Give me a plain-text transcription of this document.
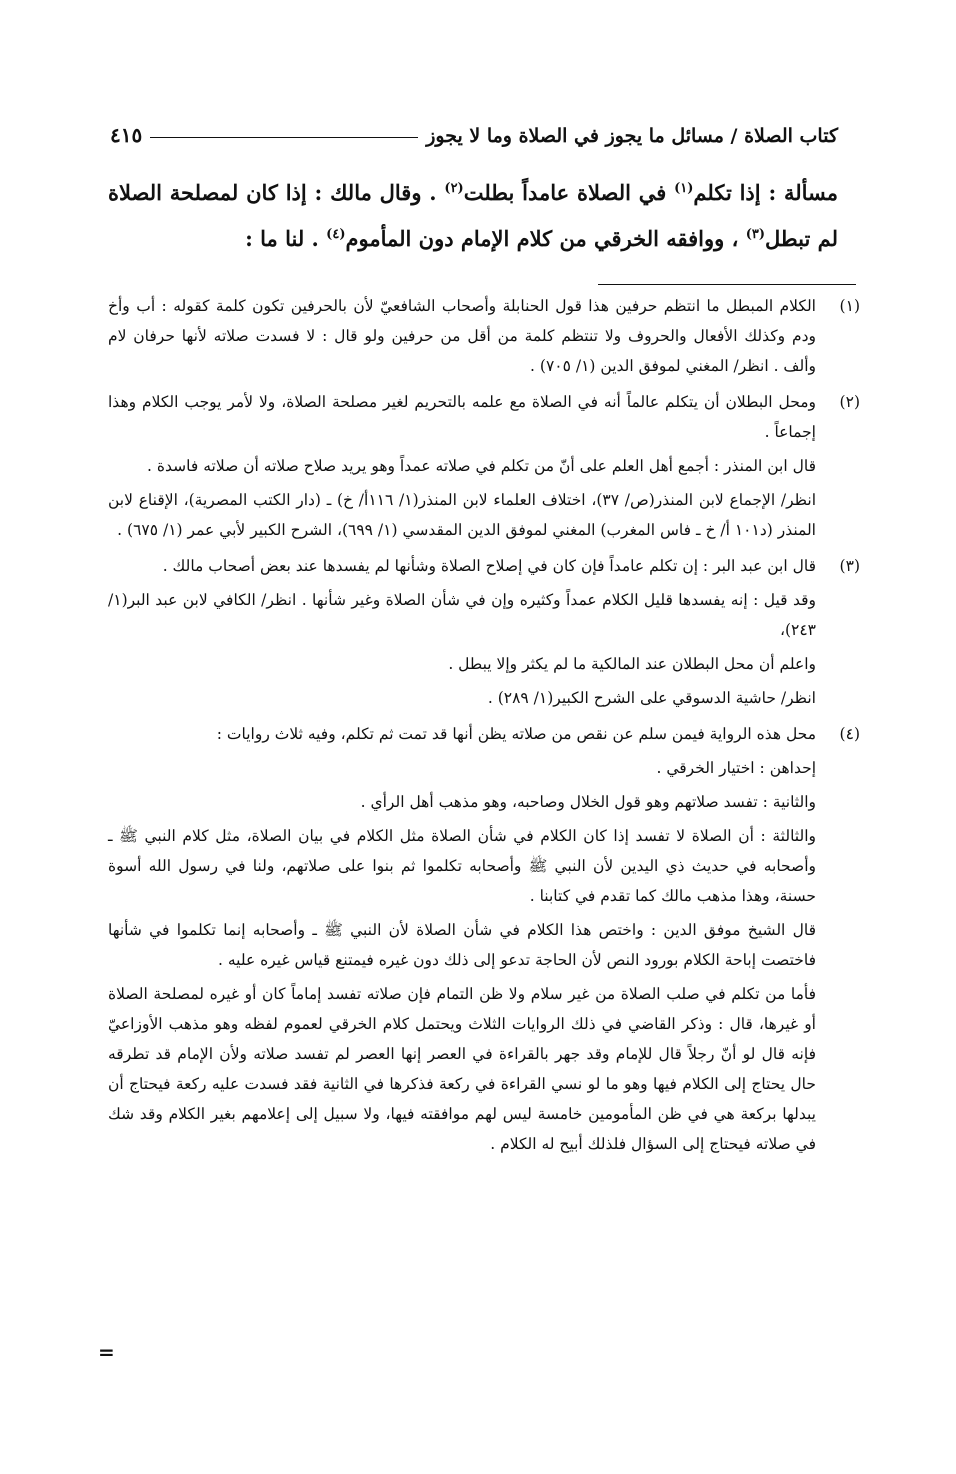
كتاب الصلاة / مسائل ما يجوز في الصلاة وما لا يجوز
٤١٥
مسألة : إذا تكلم$^{(١)}$ في الصلاة عامداً بطلت$^{(٢)}$ . وقال مالك : إذا كان لمصلحة الصلاة لم تبطل$^{(٣)}$ ، ووافقه الخرقي من كلام الإمام دون المأموم$^{(٤)}$ . لنا ما :
(١)

الكلام المبطل ما انتظم حرفين هذا قول الحنابلة وأصحاب الشافعيّ لأن بالحرفين تكون كلمة كقوله : أب وأخ ودم وكذلك الأفعال والحروف ولا تنتظم كلمة من أقل من حرفين ولو قال : لا فسدت صلاته لأنها حرفان لام وألف . انظر/ المغني لموفق الدين (١/ ٧٠٥) .

(٢)

ومحل البطلان أن يتكلم عالماً أنه في الصلاة مع علمه بالتحريم لغير مصلحة الصلاة، ولا لأمر يوجب الكلام وهذا إجماعاً .

قال ابن المنذر : أجمع أهل العلم على أنّ من تكلم في صلاته عمداً وهو يريد صلاح صلاته أن صلاته فاسدة .

انظر/ الإجماع لابن المنذر(ص/ ٣٧)، اختلاف العلماء لابن المنذر(١/ ١١٦أ/ خ) ـ (دار الكتب المصرية)، الإقناع لابن المنذر (د١٠١ أ/ خ ـ فاس المغرب) المغني لموفق الدين المقدسي (١/ ٦٩٩)، الشرح الكبير لأبي عمر (١/ ٦٧٥) .

(٣)

قال ابن عبد البر : إن تكلم عامداً فإن كان في إصلاح الصلاة وشأنها لم يفسدها عند بعض أصحاب مالك .

وقد قيل : إنه يفسدها قليل الكلام عمداً وكثيره وإن في شأن الصلاة وغير شأنها . انظر/ الكافي لابن عبد البر(١/ ٢٤٣)،

واعلم أن محل البطلان عند المالكية ما لم يكثر وإلا يبطل .

انظر/ حاشية الدسوقي على الشرح الكبير(١/ ٢٨٩) .

(٤)

محل هذه الرواية فيمن سلم عن نقص من صلاته يظن أنها قد تمت ثم تكلم، وفيه ثلاث روايات :

إحداهن : اختيار الخرقي .

والثانية : تفسد صلاتهم وهو قول الخلال وصاحبه، وهو مذهب أهل الرأي .

والثالثة : أن الصلاة لا تفسد إذا كان الكلام في شأن الصلاة مثل الكلام في بيان الصلاة، مثل كلام النبي ﷺ ـ وأصحابه في حديث ذي اليدين لأن النبي ﷺ وأصحابه تكلموا ثم بنوا على صلاتهم، ولنا في رسول الله أسوة حسنة، وهذا مذهب مالك كما تقدم في كتابنا .

قال الشيخ موفق الدين : واختص هذا الكلام في شأن الصلاة لأن النبي ﷺ ـ وأصحابه إنما تكلموا في شأنها فاختصت إباحة الكلام بورود النص لأن الحاجة تدعو إلى ذلك دون غيره فيمتنع قياس غيره عليه .

فأما من تكلم في صلب الصلاة من غير سلام ولا ظن التمام فإن صلاته تفسد إماماً كان أو غيره لمصلحة الصلاة أو غيرها، قال : وذكر القاضي في ذلك الروايات الثلاث ويحتمل كلام الخرقي لعموم لفظه وهو مذهب الأوزاعيّ فإنه قال لو أنّ رجلاً قال للإمام وقد جهر بالقراءة في العصر إنها العصر لم تفسد صلاته ولأن الإمام قد تطرقه حال يحتاج إلى الكلام فيها وهو ما لو نسي القراءة في ركعة فذكرها في الثانية فقد فسدت عليه ركعة فيحتاج أن يبدلها بركعة هي في ظن المأمومين خامسة ليس لهم موافقته فيها، ولا سبيل إلى إعلامهم بغير الكلام وقد شك في صلاته فيحتاج إلى السؤال فلذلك أبيح له الكلام .

=
